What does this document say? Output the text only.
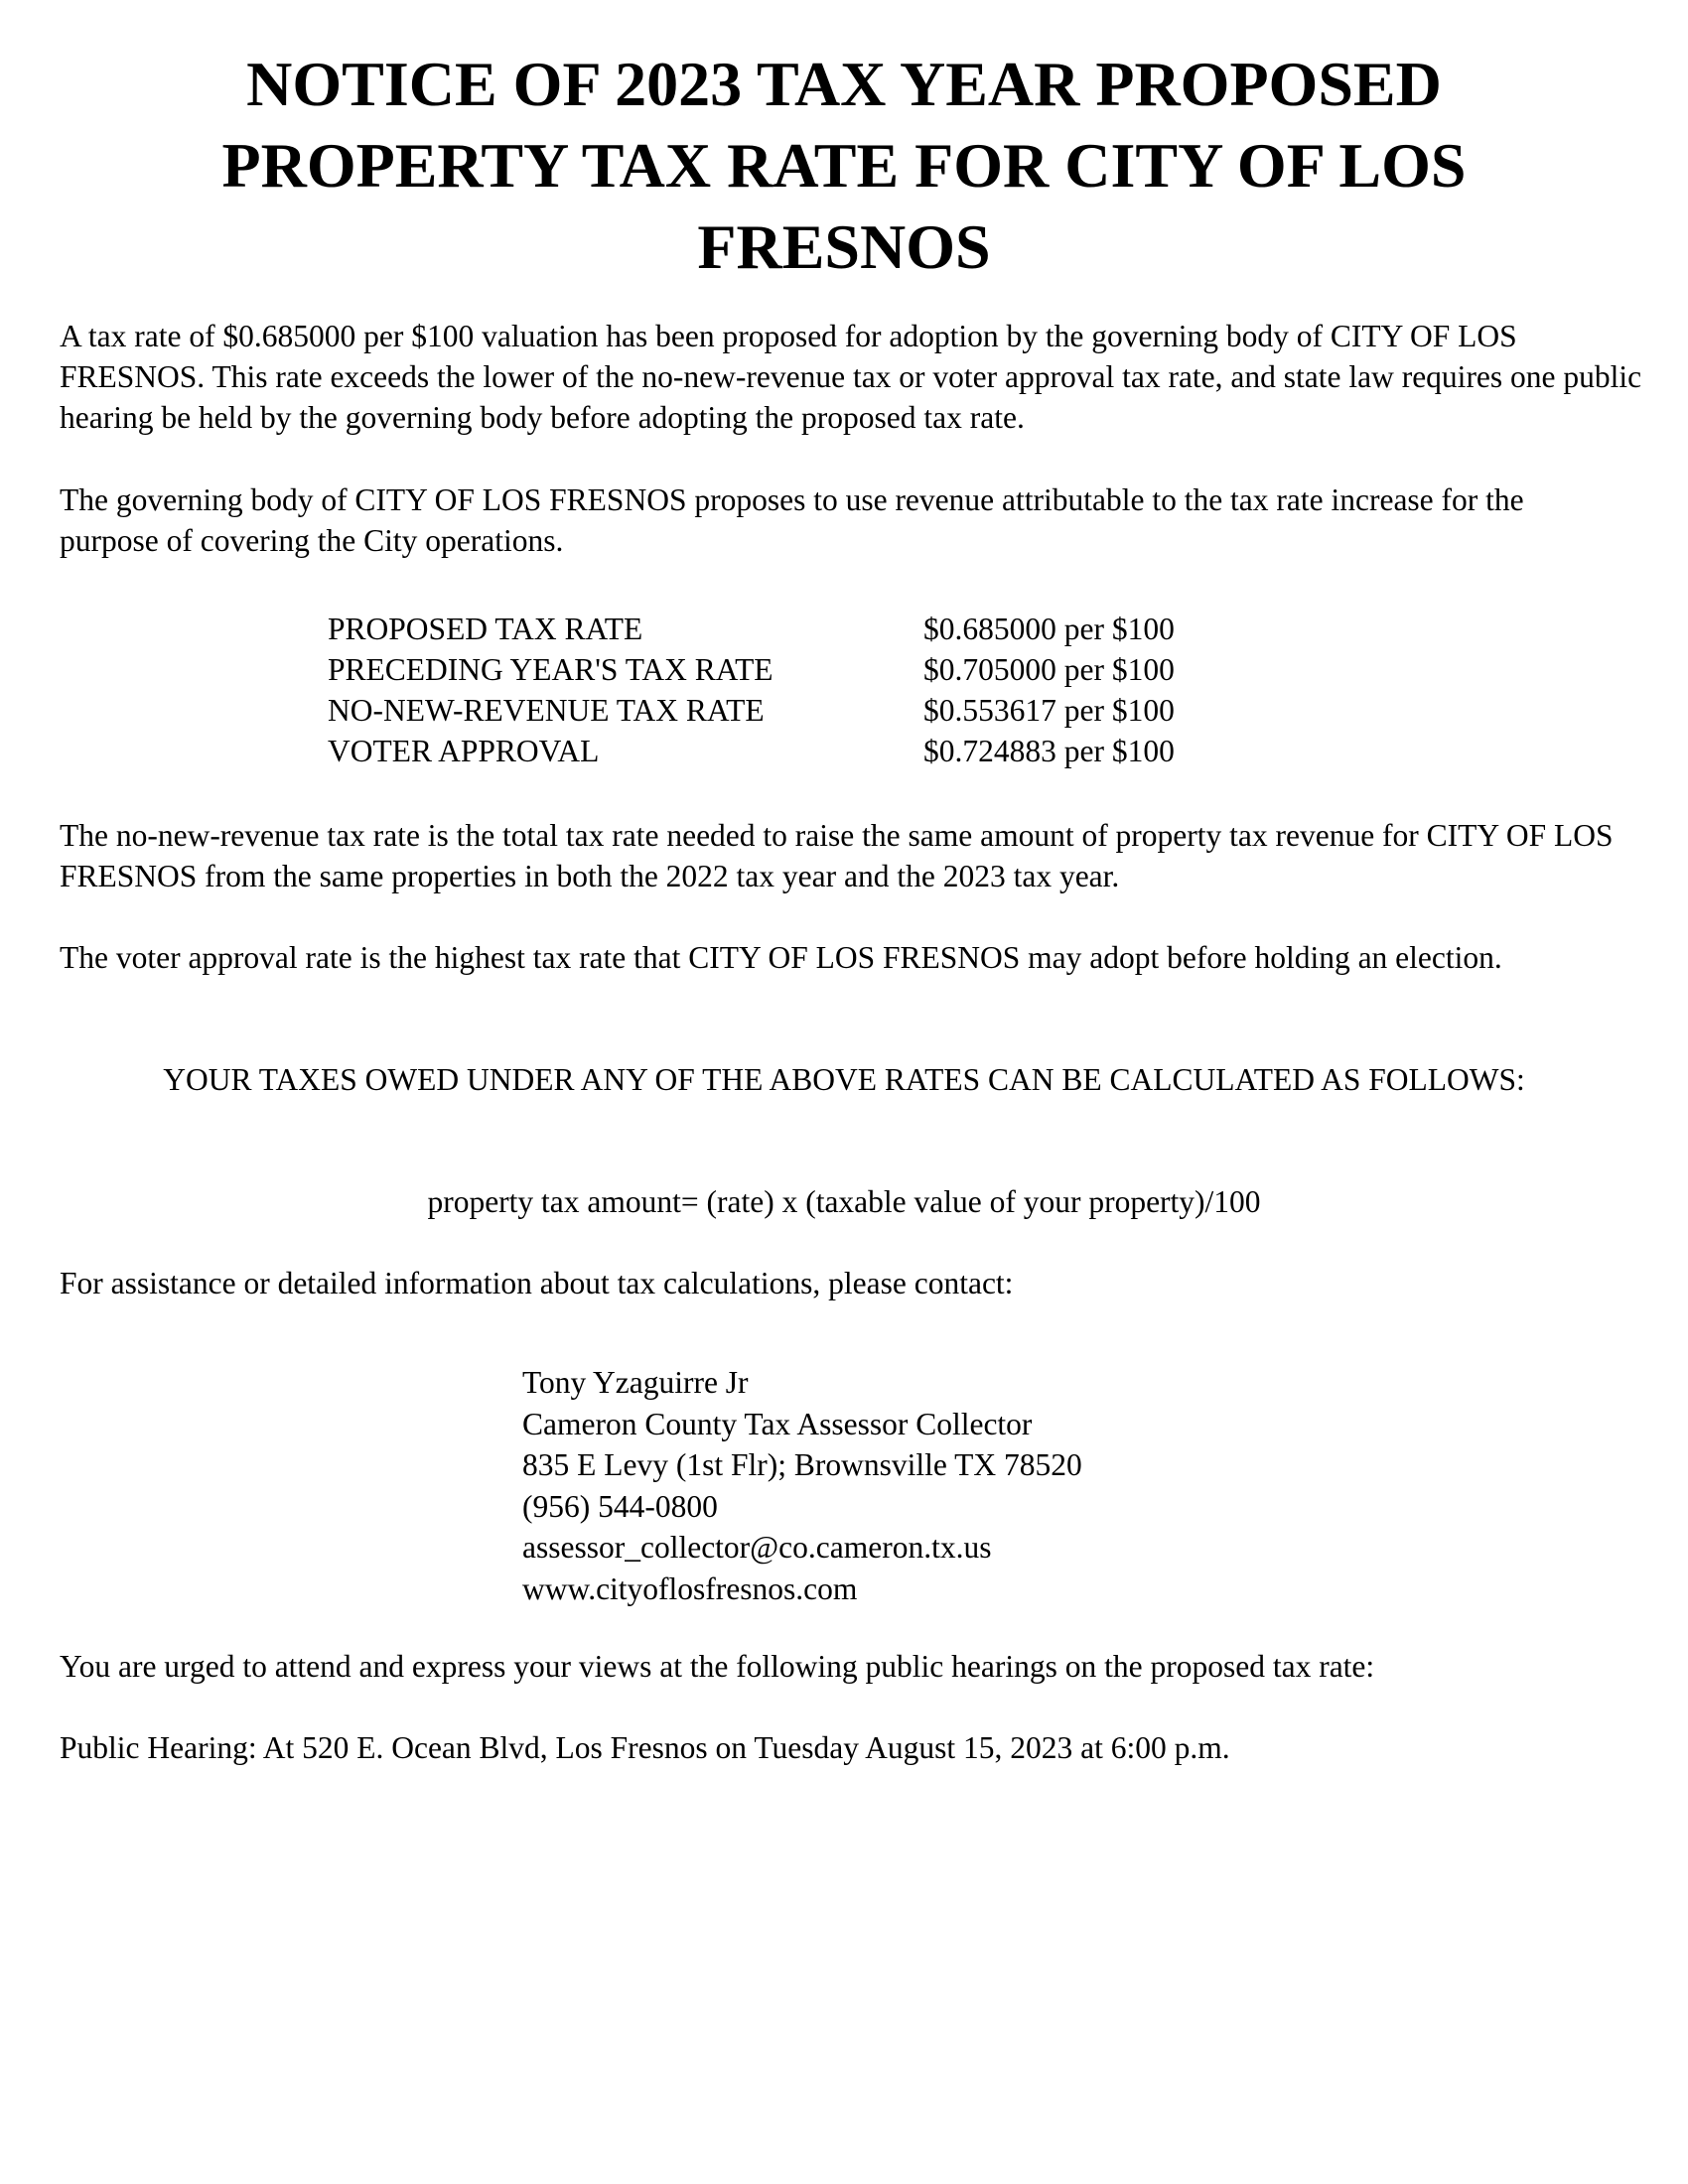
NOTICE OF 2023 TAX YEAR PROPOSED PROPERTY TAX RATE FOR CITY OF LOS FRESNOS

A tax rate of $0.685000 per $100 valuation has been proposed for adoption by the governing body of CITY OF LOS FRESNOS. This rate exceeds the lower of the no-new-revenue tax or voter approval tax rate, and state law requires one public hearing be held by the governing body before adopting the proposed tax rate.

The governing body of CITY OF LOS FRESNOS proposes to use revenue attributable to the tax rate increase for the purpose of covering the City operations.

PROPOSED TAX RATE	$0.685000 per $100
PRECEDING YEAR'S TAX RATE	$0.705000 per $100
NO-NEW-REVENUE TAX RATE	$0.553617 per $100
VOTER APPROVAL	$0.724883 per $100

The no-new-revenue tax rate is the total tax rate needed to raise the same amount of property tax revenue for CITY OF LOS FRESNOS from the same properties in both the 2022 tax year and the 2023 tax year.

The voter approval rate is the highest tax rate that CITY OF LOS FRESNOS may adopt before holding an election.

YOUR TAXES OWED UNDER ANY OF THE ABOVE RATES CAN BE CALCULATED AS FOLLOWS:

property tax amount= (rate) x (taxable value of your property)/100

For assistance or detailed information about tax calculations, please contact:

Tony Yzaguirre Jr
Cameron County Tax Assessor Collector
835 E Levy (1st Flr); Brownsville TX 78520
(956) 544-0800
assessor_collector@co.cameron.tx.us
www.cityoflosfresnos.com

You are urged to attend and express your views at the following public hearings on the proposed tax rate:

Public Hearing: At 520 E. Ocean Blvd, Los Fresnos on Tuesday August 15, 2023 at 6:00 p.m.
